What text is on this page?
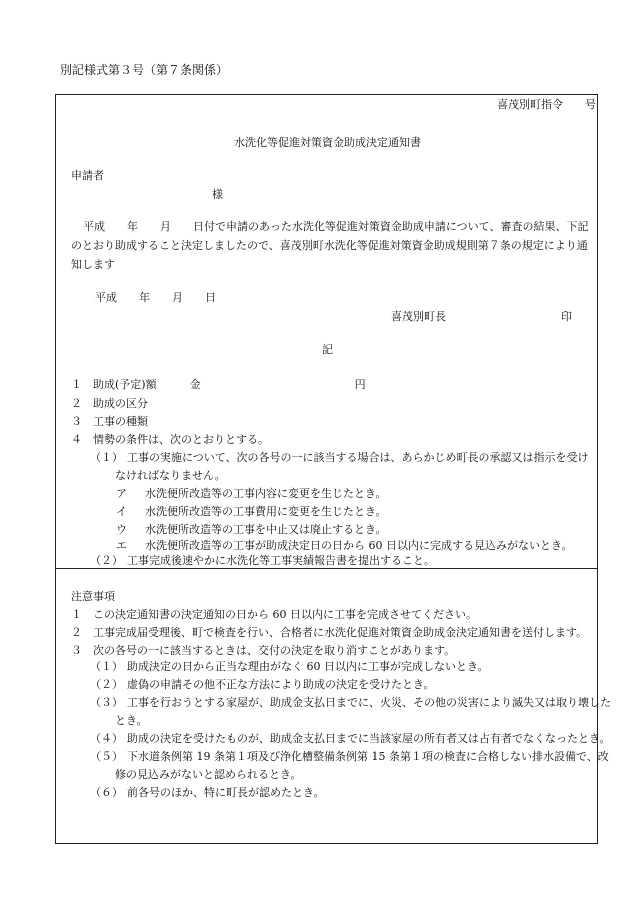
別記様式第３号（第７条関係）
喜茂別町指令　　号
水洗化等促進対策資金助成決定通知書
申請者
様
平成　　年　　月　　日付で申請のあった水洗化等促進対策資金助成申請について、審査の結果、下記
のとおり助成すること決定しましたので、喜茂別町水洗化等促進対策資金助成規則第７条の規定により通
知します
平成　　年　　月　　日
喜茂別町長	印
記
１ 助成(予定)額　　　金　　　　　　　　　　　　　　円
２ 助成の区分
３ 工事の種類
４ 情勢の条件は、次のとおりとする。
（１） 工事の実施について、次の各号の一に該当する場合は、あらかじめ町長の承認又は指示を受け
なければなりません。
ア 水洗便所改造等の工事内容に変更を生じたとき。
イ 水洗便所改造等の工事費用に変更を生じたとき。
ウ 水洗便所改造等の工事を中止又は廃止するとき。
エ 水洗便所改造等の工事が助成決定日の日から 60 日以内に完成する見込みがないとき。
（２） 工事完成後速やかに水洗化等工事実績報告書を提出すること。
注意事項
１ この決定通知書の決定通知の日から 60 日以内に工事を完成させてください。
２ 工事完成届受理後、町で検査を行い、合格者に水洗化促進対策資金助成金決定通知書を送付します。
３ 次の各号の一に該当するときは、交付の決定を取り消すことがあります。
（１） 助成決定の日から正当な理由がなく 60 日以内に工事が完成しないとき。
（２） 虚偽の申請その他不正な方法により助成の決定を受けたとき。
（３） 工事を行おうとする家屋が、助成金支払日までに、火災、その他の災害により滅失又は取り壊した
とき。
（４） 助成の決定を受けたものが、助成金支払日までに当該家屋の所有者又は占有者でなくなったとき。
（５） 下水道条例第 19 条第１項及び浄化槽整備条例第 15 条第１項の検査に合格しない排水設備で、改
修の見込みがないと認められるとき。
（６） 前各号のほか、特に町長が認めたとき。
